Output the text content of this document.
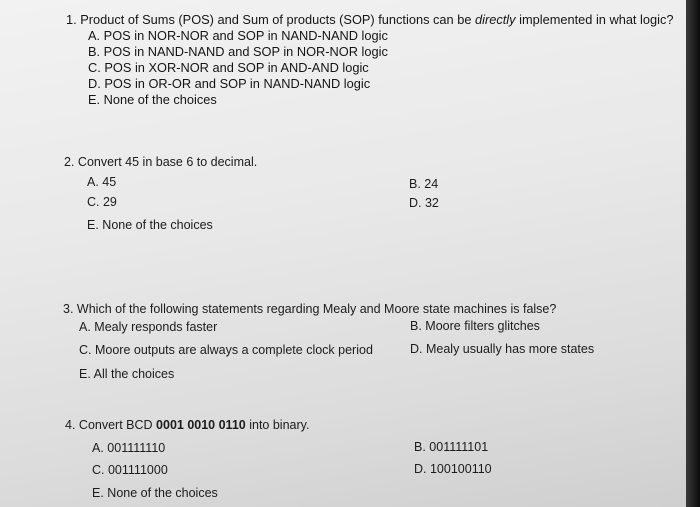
1. Product of Sums (POS) and Sum of products (SOP) functions can be directly implemented in what logic?
A. POS in NOR-NOR and SOP in NAND-NAND logic
B. POS in NAND-NAND and SOP in NOR-NOR logic
C. POS in XOR-NOR and SOP in AND-AND logic
D. POS in OR-OR and SOP in NAND-NAND logic
E. None of the choices
2. Convert 45 in base 6 to decimal.
A. 45	B. 24
C. 29	D. 32
E. None of the choices
3. Which of the following statements regarding Mealy and Moore state machines is false?
A. Mealy responds faster	B. Moore filters glitches
C. Moore outputs are always a complete clock period	D. Mealy usually has more states
E. All the choices
4. Convert BCD 0001 0010 0110 into binary.
A. 001111110	B. 001111101
C. 001111000	D. 100100110
E. None of the choices
